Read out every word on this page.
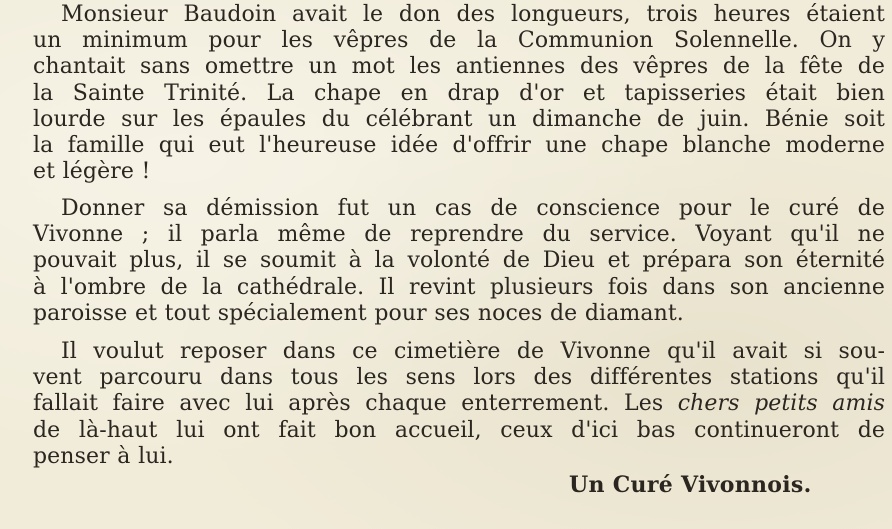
Monsieur Baudoin avait le don des longueurs, trois heures étaient
un minimum pour les vêpres de la Communion Solennelle. On y
chantait sans omettre un mot les antiennes des vêpres de la fête de
la Sainte Trinité. La chape en drap d'or et tapisseries était bien
lourde sur les épaules du célébrant un dimanche de juin. Bénie soit
la famille qui eut l'heureuse idée d'offrir une chape blanche moderne
et légère !
Donner sa démission fut un cas de conscience pour le curé de
Vivonne ; il parla même de reprendre du service. Voyant qu'il ne
pouvait plus, il se soumit à la volonté de Dieu et prépara son éternité
à l'ombre de la cathédrale. Il revint plusieurs fois dans son ancienne
paroisse et tout spécialement pour ses noces de diamant.
Il voulut reposer dans ce cimetière de Vivonne qu'il avait si sou-
vent parcouru dans tous les sens lors des différentes stations qu'il
fallait faire avec lui après chaque enterrement. Les chers petits amis
de là-haut lui ont fait bon accueil, ceux d'ici bas continueront de
penser à lui.
Un Curé Vivonnois.
